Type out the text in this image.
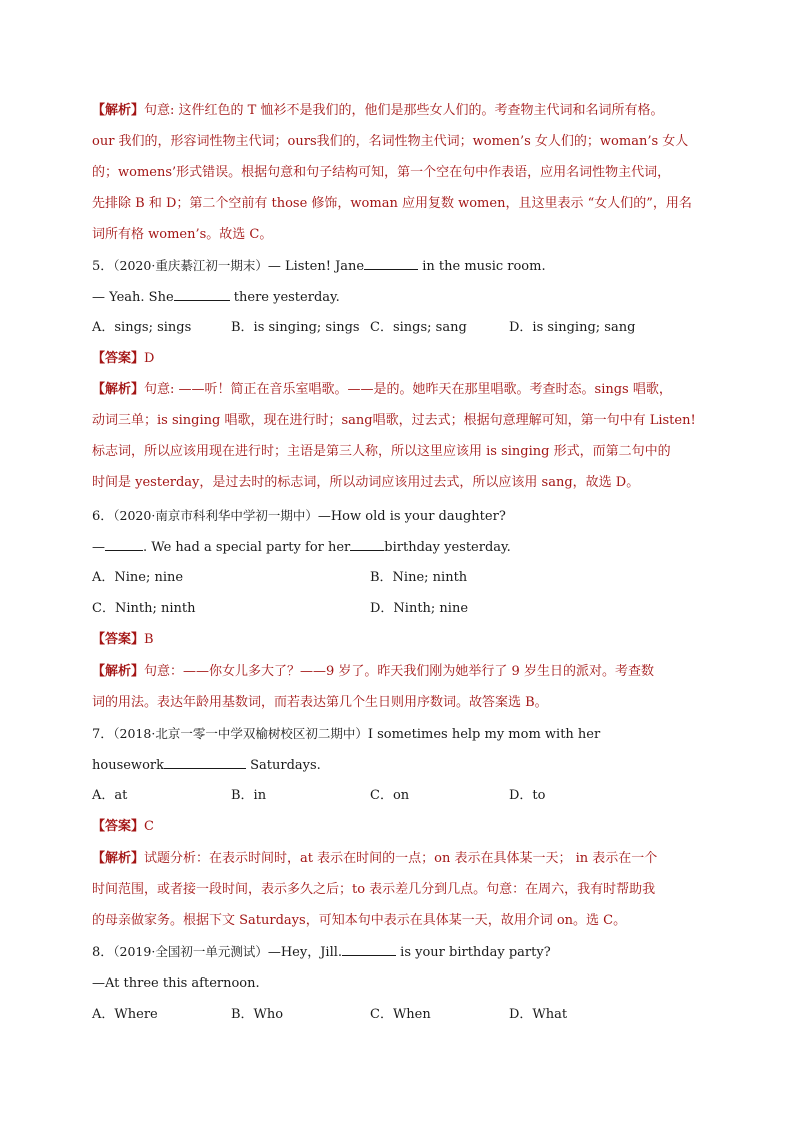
【解析】句意: 这件红色的 T 恤衫不是我们的，他们是那些女人们的。考查物主代词和名词所有格。
our 我们的，形容词性物主代词；ours我们的，名词性物主代词；women’s 女人们的；woman’s 女人
的；womens’形式错误。根据句意和句子结构可知，第一个空在句中作表语，应用名词性物主代词，
先排除 B 和 D；第二个空前有 those 修饰，woman 应用复数 women，且这里表示 “女人们的”，用名
词所有格 women’s。故选 C。
5．（2020·重庆綦江初一期末）— Listen! Jane	in the music room.
— Yeah. She	there yesterday.
A．sings; sings	B．is singing; sings C．sings; sang	D．is singing; sang
【答案】D
【解析】句意: ——听！简正在音乐室唱歌。——是的。她昨天在那里唱歌。考查时态。sings 唱歌，
动词三单；is singing 唱歌，现在进行时；sang唱歌，过去式；根据句意理解可知，第一句中有 Listen!
标志词，所以应该用现在进行时；主语是第三人称，所以这里应该用 is singing 形式，而第二句中的
时间是 yesterday，是过去时的标志词，所以动词应该用过去式，所以应该用 sang，故选 D。
6．（2020·南京市科利华中学初一期中）—How old is your daughter?
—	. We had a special party for her	birthday yesterday.
A．Nine; nine	B．Nine; ninth
C．Ninth; ninth	D．Ninth; nine
【答案】B
【解析】句意：——你女儿多大了？——9 岁了。昨天我们刚为她举行了 9 岁生日的派对。考查数
词的用法。表达年龄用基数词，而若表达第几个生日则用序数词。故答案选 B。
7．（2018·北京一零一中学双榆树校区初二期中）I sometimes help my mom with her
housework	Saturdays.
A．at	B．in	C．on	D．to
【答案】C
【解析】试题分析：在表示时间时，at 表示在时间的一点；on 表示在具体某一天； in 表示在一个
时间范围，或者接一段时间，表示多久之后；to 表示差几分到几点。句意：在周六，我有时帮助我
的母亲做家务。根据下文 Saturdays，可知本句中表示在具体某一天，故用介词 on。选 C。
8．（2019·全国初一单元测试）—Hey，Jill.	is your birthday party?
—At three this afternoon.
A．Where	B．Who	C．When	D．What
